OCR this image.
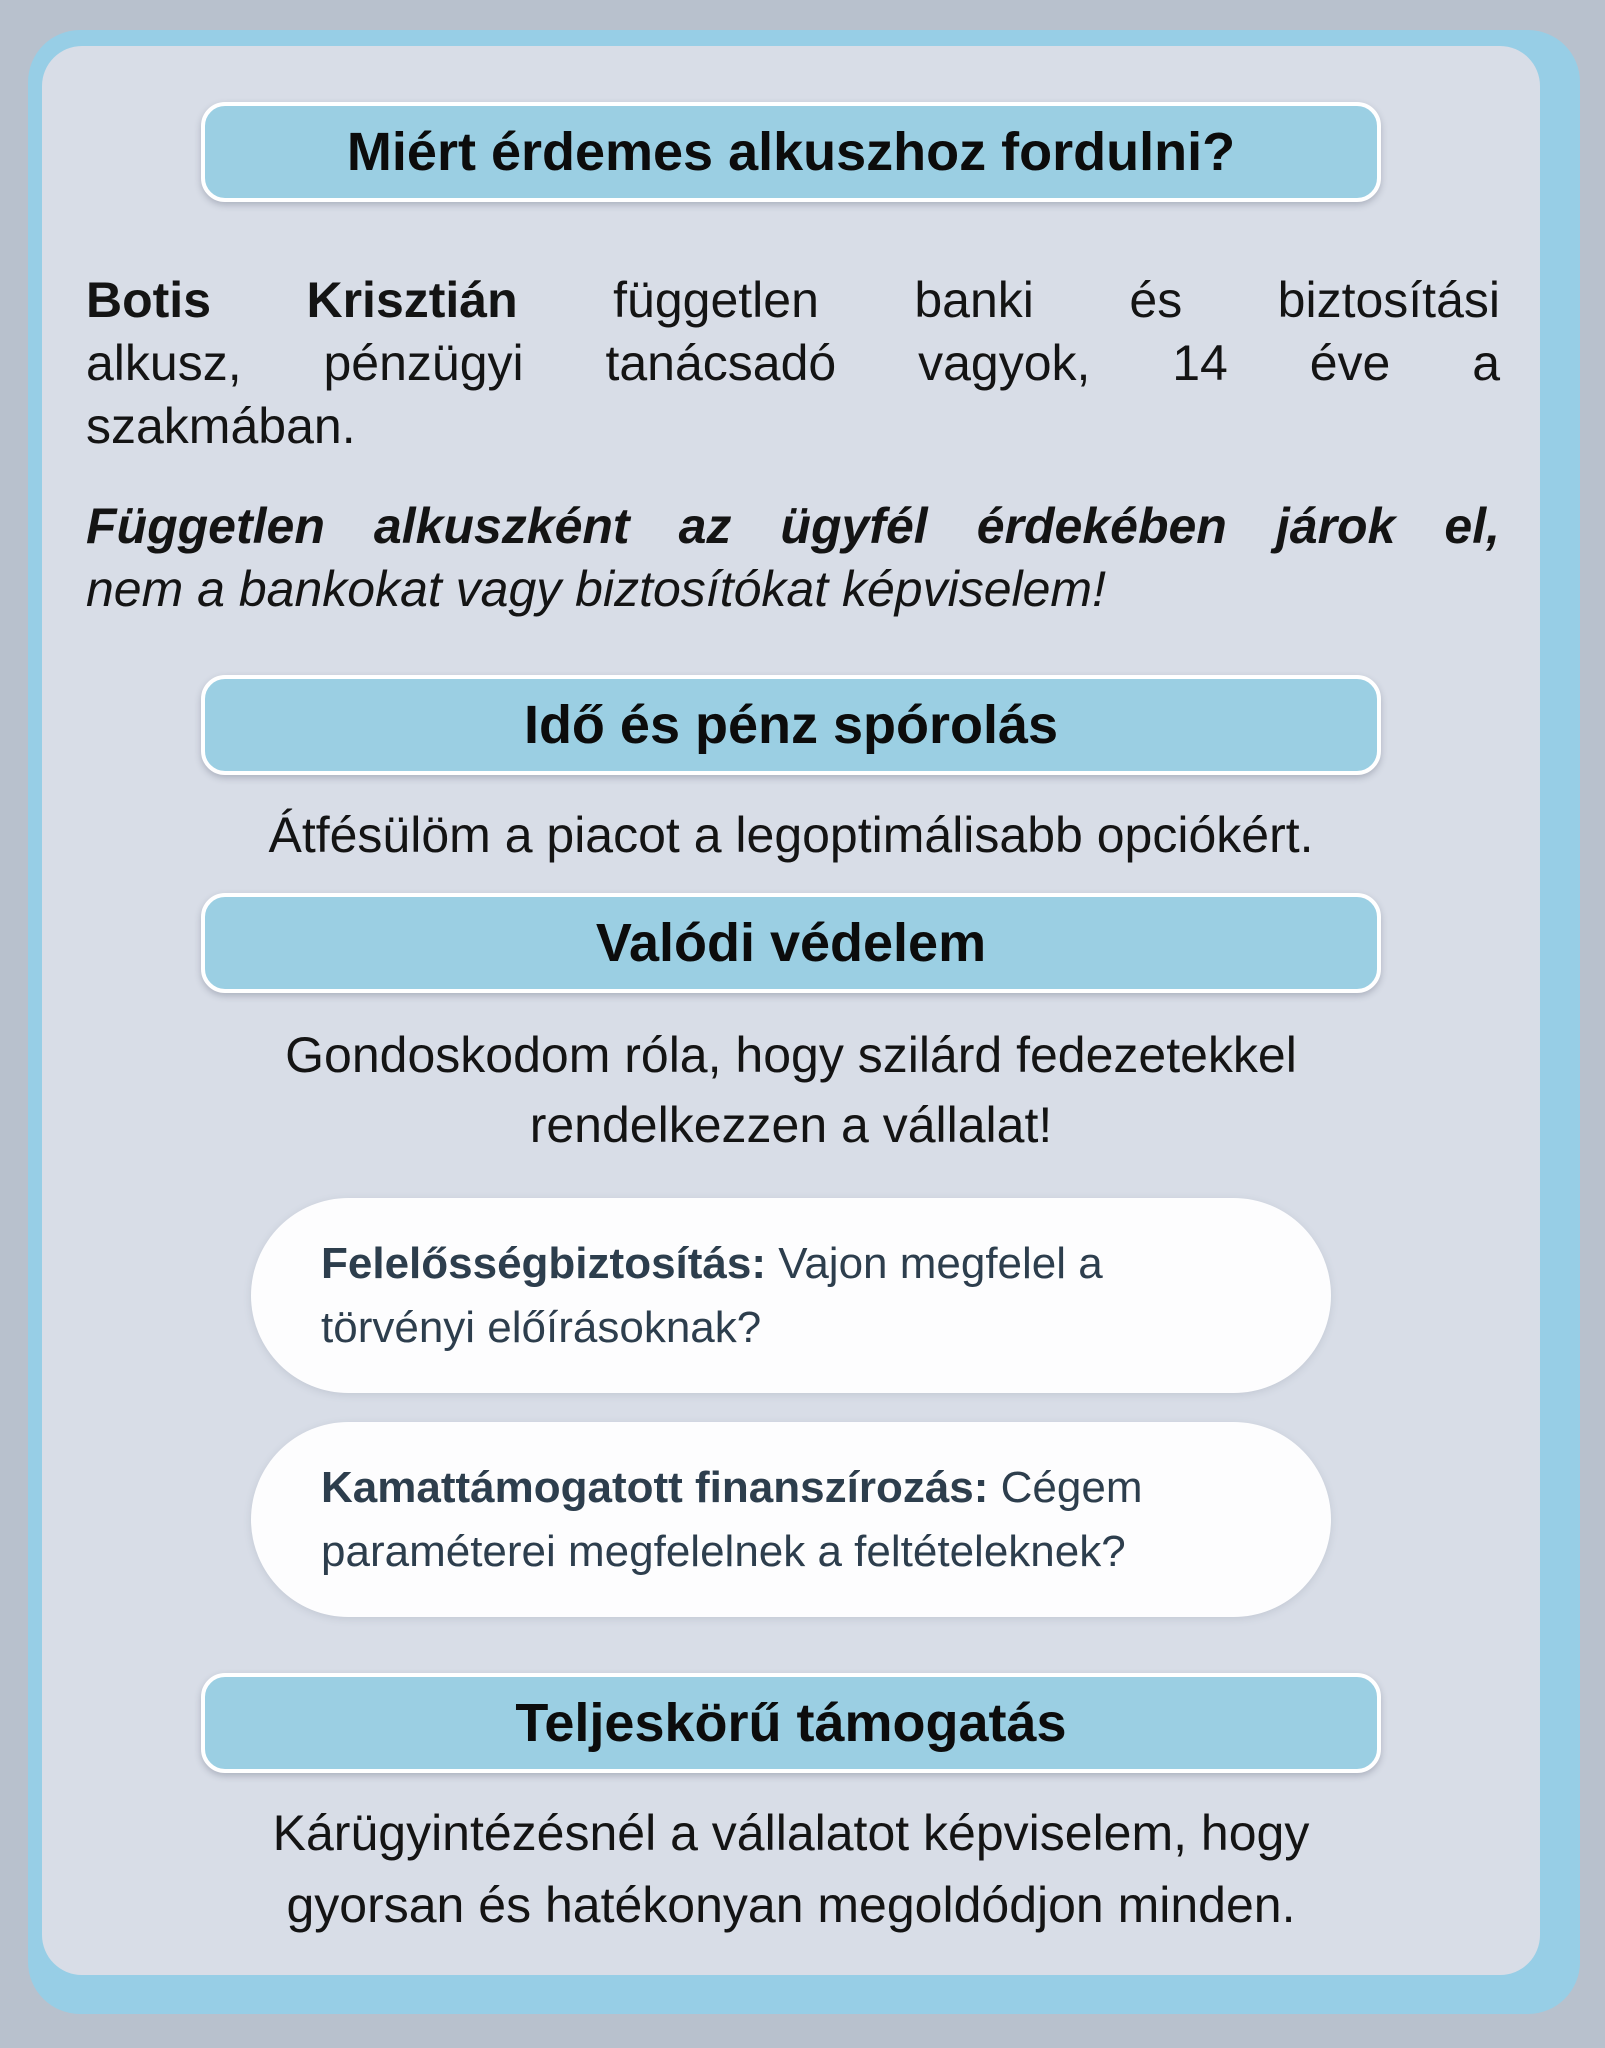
Miért érdemes alkuszhoz fordulni?
Botis Krisztián független banki és biztosítási
alkusz, pénzügyi tanácsadó vagyok, 14 éve a
szakmában.
Független alkuszként az ügyfél érdekében járok el,
nem a bankokat vagy biztosítókat képviselem!
Idő és pénz spórolás
Átfésülöm a piacot a legoptimálisabb opciókért.
Valódi védelem
Gondoskodom róla, hogy szilárd fedezetekkel
rendelkezzen a vállalat!
Felelősségbiztosítás: Vajon megfelel a
törvényi előírásoknak?
Kamattámogatott finanszírozás: Cégem
paraméterei megfelelnek a feltételeknek?
Teljeskörű támogatás
Kárügyintézésnél a vállalatot képviselem, hogy
gyorsan és hatékonyan megoldódjon minden.
